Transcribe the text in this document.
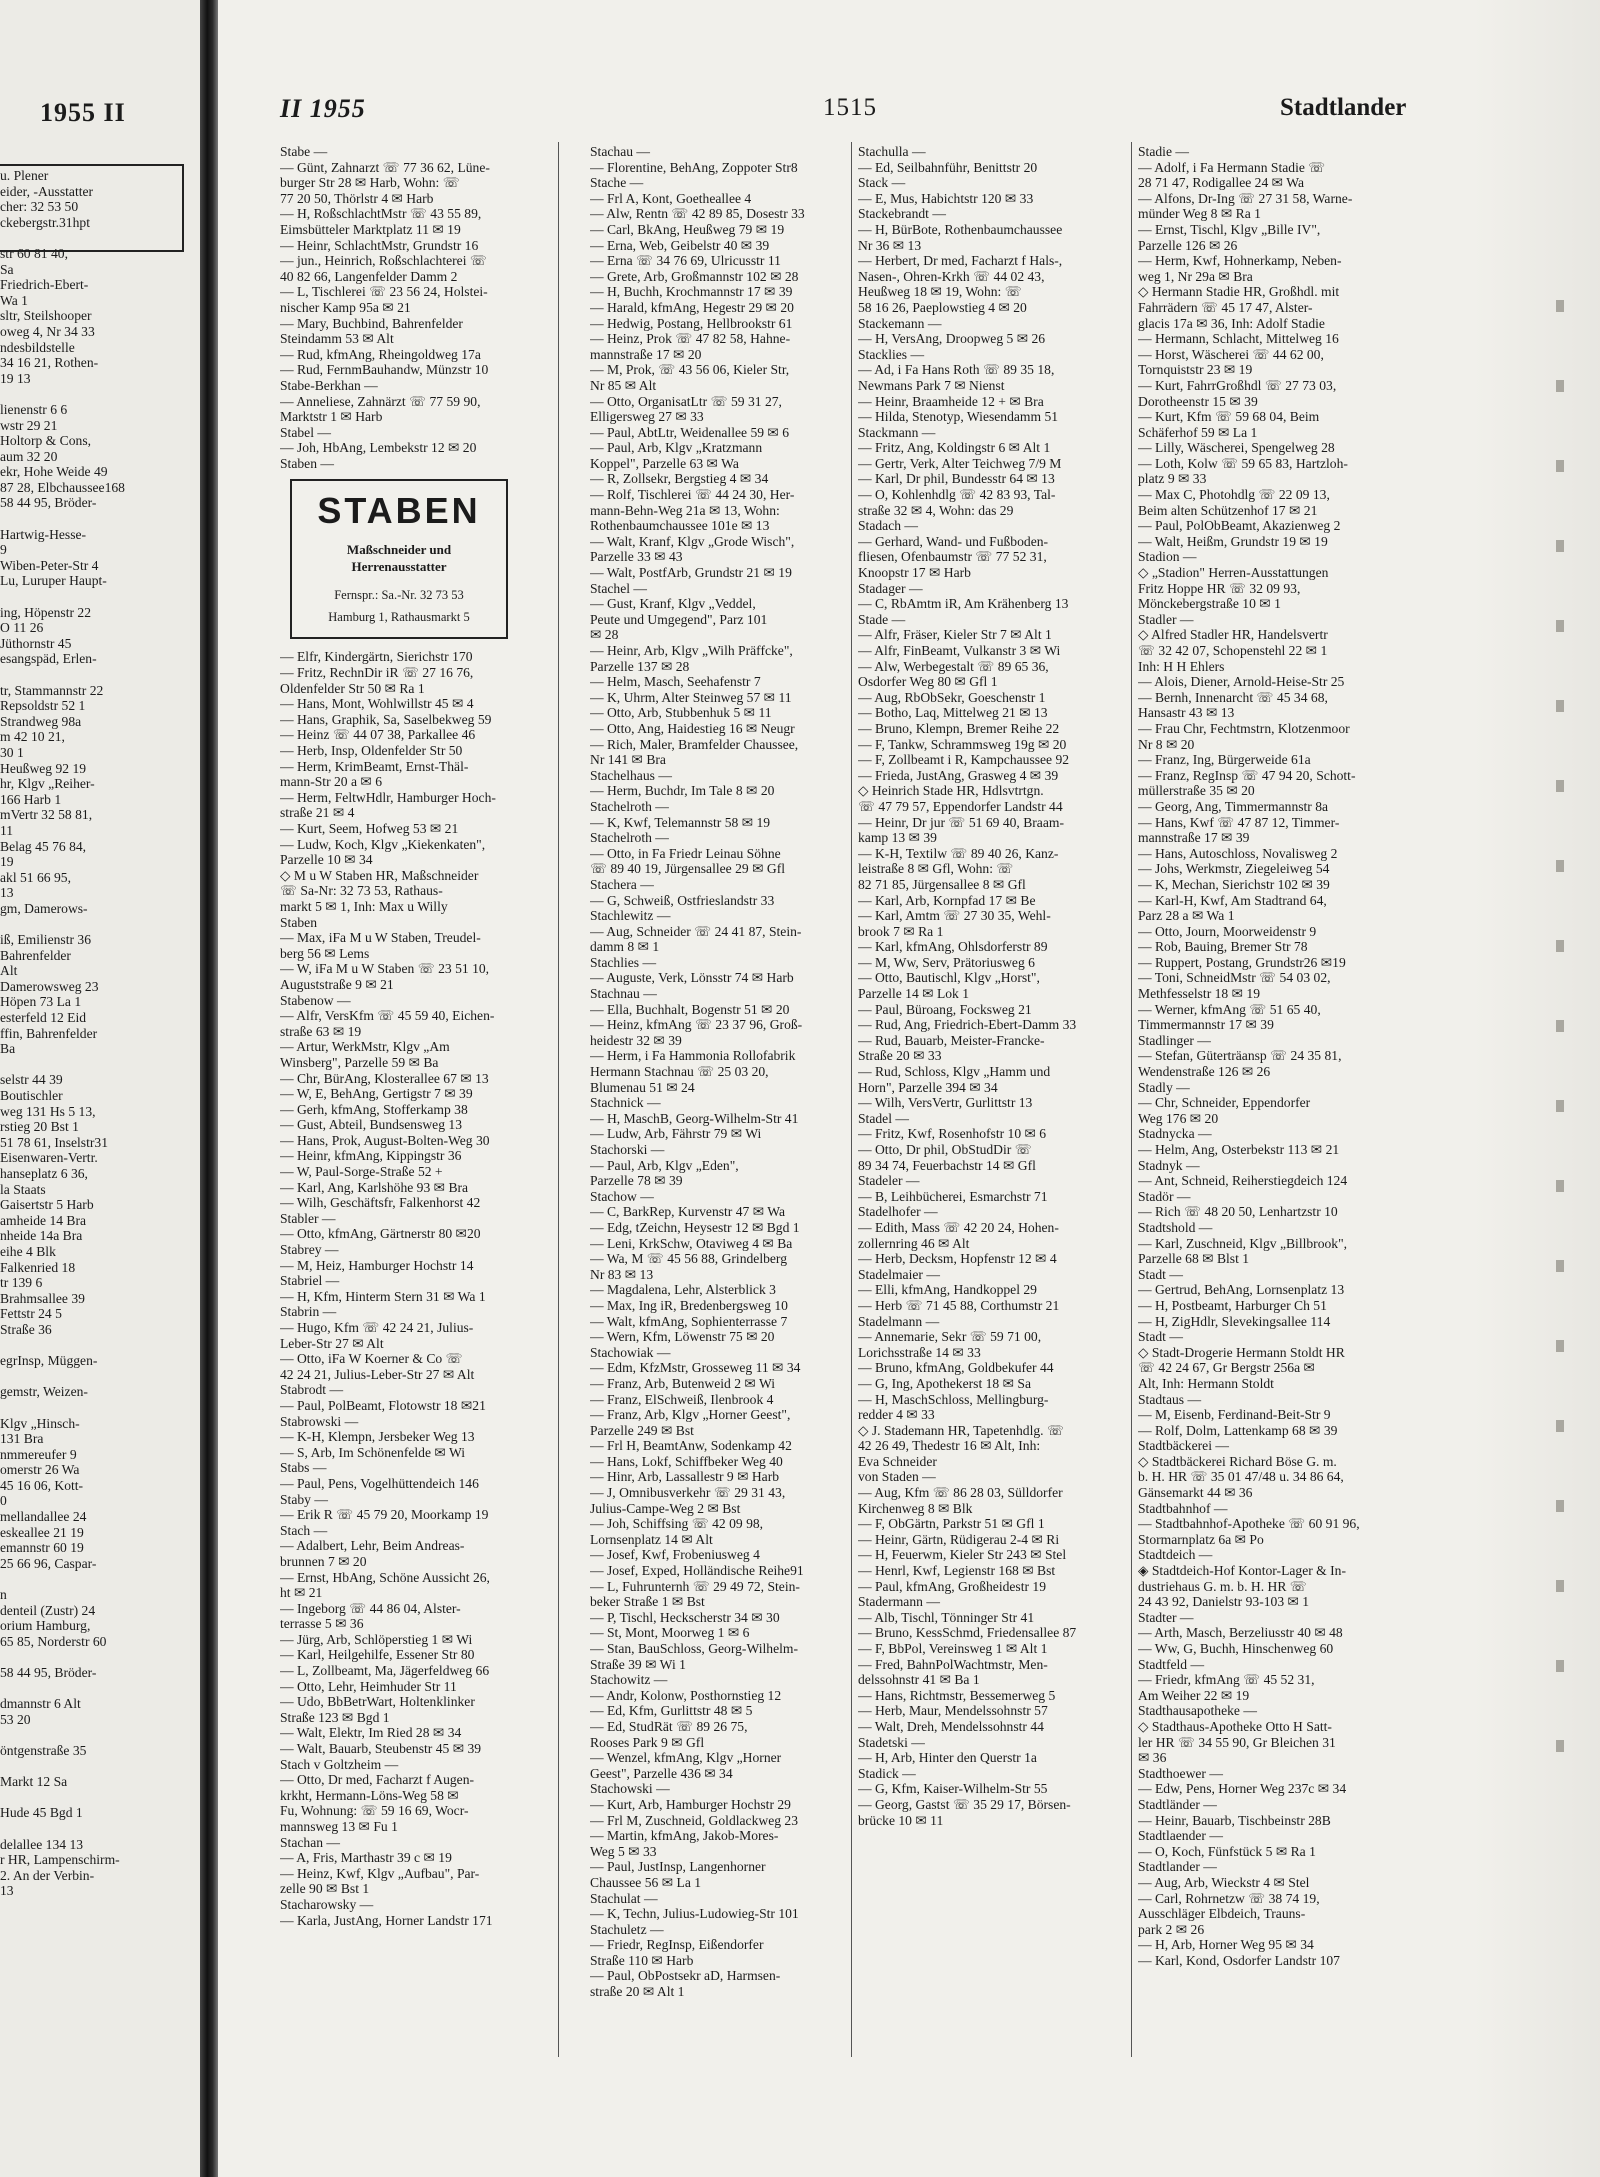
1955 II
u. Plener
eider, -Ausstatter
cher: 32 53 50
ckebergstr.31hpt

str 60 81 40,
Sa
Friedrich-Ebert-
Wa 1
sltr, Steilshooper
oweg 4, Nr 34 33
ndesbildstelle
34 16 21, Rothen-
19 13

lienenstr 6 6
wstr 29 21
Holtorp & Cons,
aum 32 20
ekr, Hohe Weide 49
87 28, Elbchaussee168
58 44 95, Bröder-

Hartwig-Hesse-
9
Wiben-Peter-Str 4
Lu, Luruper Haupt-

ing, Höpenstr 22
O 11 26
Jüthornstr 45
esangspäd, Erlen-

tr, Stammannstr 22
Repsoldstr 52 1
Strandweg 98a
m 42 10 21,
30 1
Heußweg 92 19
hr, Klgv „Reiher-
166 Harb 1
mVertr 32 58 81,
11
Belag 45 76 84,
19
akl 51 66 95,
13
gm, Damerows-

iß, Emilienstr 36
Bahrenfelder
Alt
Damerowsweg 23
Höpen 73 La 1
esterfeld 12 Eid
ffin, Bahrenfelder
Ba

selstr 44 39
Boutischler
weg 131 Hs 5 13,
rstieg 20 Bst 1
51 78 61, Inselstr31
Eisenwaren-Vertr.
hanseplatz 6 36,
la Staats
Gaisertstr 5 Harb
amheide 14 Bra
nheide 14a Bra
eihe 4 Blk
Falkenried 18
tr 139 6
Brahmsallee 39
Fettstr 24 5
Straße 36

egrInsp, Müggen-

gemstr, Weizen-

Klgv „Hinsch-
131 Bra
nmmereufer 9
omerstr 26 Wa
45 16 06, Kott-
0
mellandallee 24
eskeallee 21 19
emannstr 60 19
25 66 96, Caspar-

n
denteil (Zustr) 24
orium Hamburg,
65 85, Norderstr 60

58 44 95, Bröder-

dmannstr 6 Alt
53 20

öntgenstraße 35

Markt 12 Sa

Hude 45 Bgd 1

delallee 134 13
r HR, Lampenschirm-
2. An der Verbin-
13
II 1955	1515	Stadtlander
Stabe —
— Günt, Zahnarzt ☏ 77 36 62, Lüne-
burger Str 28 ✉ Harb, Wohn: ☏
77 20 50, Thörlstr 4 ✉ Harb
— H, RoßschlachtMstr ☏ 43 55 89,
Eimsbütteler Marktplatz 11 ✉ 19
— Heinr, SchlachtMstr, Grundstr 16
— jun., Heinrich, Roßschlachterei ☏
40 82 66, Langenfelder Damm 2
— L, Tischlerei ☏ 23 56 24, Holstei-
nischer Kamp 95a ✉ 21
— Mary, Buchbind, Bahrenfelder
Steindamm 53 ✉ Alt
— Rud, kfmAng, Rheingoldweg 17a
— Rud, FernmBauhandw, Münzstr 10
Stabe-Berkhan —
— Anneliese, Zahnärzt ☏ 77 59 90,
Marktstr 1 ✉ Harb
Stabel —
— Joh, HbAng, Lembekstr 12 ✉ 20
Staben —
STABEN
Maßschneider und
Herrenausstatter
Fernspr.: Sa.-Nr. 32 73 53
Hamburg 1, Rathausmarkt 5
— Elfr, Kindergärtn, Sierichstr 170
— Fritz, RechnDir iR ☏ 27 16 76,
Oldenfelder Str 50 ✉ Ra 1
— Hans, Mont, Wohlwillstr 45 ✉ 4
— Hans, Graphik, Sa, Saselbekweg 59
— Heinz ☏ 44 07 38, Parkallee 46
— Herb, Insp, Oldenfelder Str 50
— Herm, KrimBeamt, Ernst-Thäl-
mann-Str 20 a ✉ 6
— Herm, FeltwHdlr, Hamburger Hoch-
straße 21 ✉ 4
— Kurt, Seem, Hofweg 53 ✉ 21
— Ludw, Koch, Klgv „Kiekenkaten",
Parzelle 10 ✉ 34
◇ M u W Staben HR, Maßschneider
☏ Sa-Nr: 32 73 53, Rathaus-
markt 5 ✉ 1, Inh: Max u Willy
Staben
— Max, iFa M u W Staben, Treudel-
berg 56 ✉ Lems
— W, iFa M u W Staben ☏ 23 51 10,
Auguststraße 9 ✉ 21
Stabenow —
— Alfr, VersKfm ☏ 45 59 40, Eichen-
straße 63 ✉ 19
— Artur, WerkMstr, Klgv „Am
Winsberg", Parzelle 59 ✉ Ba
— Chr, BürAng, Klosterallee 67 ✉ 13
— W, E, BehAng, Gertigstr 7 ✉ 39
— Gerh, kfmAng, Stofferkamp 38
— Gust, Abteil, Bundsensweg 13
— Hans, Prok, August-Bolten-Weg 30
— Heinr, kfmAng, Kippingstr 36
— W, Paul-Sorge-Straße 52 +
— Karl, Ang, Karlshöhe 93 ✉ Bra
— Wilh, Geschäftsfr, Falkenhorst 42
Stabler —
— Otto, kfmAng, Gärtnerstr 80 ✉20
Stabrey —
— M, Heiz, Hamburger Hochstr 14
Stabriel —
— H, Kfm, Hinterm Stern 31 ✉ Wa 1
Stabrin —
— Hugo, Kfm ☏ 42 24 21, Julius-
Leber-Str 27 ✉ Alt
— Otto, iFa W Koerner & Co ☏
42 24 21, Julius-Leber-Str 27 ✉ Alt
Stabrodt —
— Paul, PolBeamt, Flotowstr 18 ✉21
Stabrowski —
— K-H, Klempn, Jersbeker Weg 13
— S, Arb, Im Schönenfelde ✉ Wi
Stabs —
— Paul, Pens, Vogelhüttendeich 146
Staby —
— Erik R ☏ 45 79 20, Moorkamp 19
Stach —
— Adalbert, Lehr, Beim Andreas-
brunnen 7 ✉ 20
— Ernst, HbAng, Schöne Aussicht 26,
ht ✉ 21
— Ingeborg ☏ 44 86 04, Alster-
terrasse 5 ✉ 36
— Jürg, Arb, Schlöperstieg 1 ✉ Wi
— Karl, Heilgehilfe, Essener Str 80
— L, Zollbeamt, Ma, Jägerfeldweg 66
— Otto, Lehr, Heimhuder Str 11
— Udo, BbBetrWart, Holtenklinker
Straße 123 ✉ Bgd 1
— Walt, Elektr, Im Ried 28 ✉ 34
— Walt, Bauarb, Steubenstr 45 ✉ 39
Stach v Goltzheim —
— Otto, Dr med, Facharzt f Augen-
krkht, Hermann-Löns-Weg 58 ✉
Fu, Wohnung: ☏ 59 16 69, Wocr-
mannsweg 13 ✉ Fu 1
Stachan —
— A, Fris, Marthastr 39 c ✉ 19
— Heinz, Kwf, Klgv „Aufbau", Par-
zelle 90 ✉ Bst 1
Stacharowsky —
— Karla, JustAng, Horner Landstr 171
Stachau —
— Florentine, BehAng, Zoppoter Str8
Stache —
— Frl A, Kont, Goetheallee 4
— Alw, Rentn ☏ 42 89 85, Dosestr 33
— Carl, BkAng, Heußweg 79 ✉ 19
— Erna, Web, Geibelstr 40 ✉ 39
— Erna ☏ 34 76 69, Ulricusstr 11
— Grete, Arb, Großmannstr 102 ✉ 28
— H, Buchh, Krochmannstr 17 ✉ 39
— Harald, kfmAng, Hegestr 29 ✉ 20
— Hedwig, Postang, Hellbrookstr 61
— Heinz, Prok ☏ 47 82 58, Hahne-
mannstraße 17 ✉ 20
— M, Prok, ☏ 43 56 06, Kieler Str,
Nr 85 ✉ Alt
— Otto, OrganisatLtr ☏ 59 31 27,
Elligersweg 27 ✉ 33
— Paul, AbtLtr, Weidenallee 59 ✉ 6
— Paul, Arb, Klgv „Kratzmann
Koppel", Parzelle 63 ✉ Wa
— R, Zollsekr, Bergstieg 4 ✉ 34
— Rolf, Tischlerei ☏ 44 24 30, Her-
mann-Behn-Weg 21a ✉ 13, Wohn:
Rothenbaumchaussee 101e ✉ 13
— Walt, Kranf, Klgv „Grode Wisch",
Parzelle 33 ✉ 43
— Walt, PostfArb, Grundstr 21 ✉ 19
Stachel —
— Gust, Kranf, Klgv „Veddel,
Peute und Umgegend", Parz 101
✉ 28
— Heinr, Arb, Klgv „Wilh Präffcke",
Parzelle 137 ✉ 28
— Helm, Masch, Seehafenstr 7
— K, Uhrm, Alter Steinweg 57 ✉ 11
— Otto, Arb, Stubbenhuk 5 ✉ 11
— Otto, Ang, Haidestieg 16 ✉ Neugr
— Rich, Maler, Bramfelder Chaussee,
Nr 141 ✉ Bra
Stachelhaus —
— Herm, Buchdr, Im Tale 8 ✉ 20
Stachelroth —
— K, Kwf, Telemannstr 58 ✉ 19
Stachelroth —
— Otto, in Fa Friedr Leinau Söhne
☏ 89 40 19, Jürgensallee 29 ✉ Gfl
Stachera —
— G, Schweiß, Ostfrieslandstr 33
Stachlewitz —
— Aug, Schneider ☏ 24 41 87, Stein-
damm 8 ✉ 1
Stachlies —
— Auguste, Verk, Lönsstr 74 ✉ Harb
Stachnau —
— Ella, Buchhalt, Bogenstr 51 ✉ 20
— Heinz, kfmAng ☏ 23 37 96, Groß-
heidestr 32 ✉ 39
— Herm, i Fa Hammonia Rollofabrik
Hermann Stachnau ☏ 25 03 20,
Blumenau 51 ✉ 24
Stachnick —
— H, MaschB, Georg-Wilhelm-Str 41
— Ludw, Arb, Fährstr 79 ✉ Wi
Stachorski —
— Paul, Arb, Klgv „Eden",
Parzelle 78 ✉ 39
Stachow —
— C, BarkRep, Kurvenstr 47 ✉ Wa
— Edg, tZeichn, Heysestr 12 ✉ Bgd 1
— Leni, KrkSchw, Otaviweg 4 ✉ Ba
— Wa, M ☏ 45 56 88, Grindelberg
Nr 83 ✉ 13
— Magdalena, Lehr, Alsterblick 3
— Max, Ing iR, Bredenbergsweg 10
— Walt, kfmAng, Sophienterrasse 7
— Wern, Kfm, Löwenstr 75 ✉ 20
Stachowiak —
— Edm, KfzMstr, Grosseweg 11 ✉ 34
— Franz, Arb, Butenweid 2 ✉ Wi
— Franz, ElSchweiß, Ilenbrook 4
— Franz, Arb, Klgv „Horner Geest",
Parzelle 249 ✉ Bst
— Frl H, BeamtAnw, Sodenkamp 42
— Hans, Lokf, Schiffbeker Weg 40
— Hinr, Arb, Lassallestr 9 ✉ Harb
— J, Omnibusverkehr ☏ 29 31 43,
Julius-Campe-Weg 2 ✉ Bst
— Joh, Schiffsing ☏ 42 09 98,
Lornsenplatz 14 ✉ Alt
— Josef, Kwf, Frobeniusweg 4
— Josef, Exped, Holländische Reihe91
— L, Fuhrunternh ☏ 29 49 72, Stein-
beker Straße 1 ✉ Bst
— P, Tischl, Heckscherstr 34 ✉ 30
— St, Mont, Moorweg 1 ✉ 6
— Stan, BauSchloss, Georg-Wilhelm-
Straße 39 ✉ Wi 1
Stachowitz —
— Andr, Kolonw, Posthornstieg 12
— Ed, Kfm, Gurlittstr 48 ✉ 5
— Ed, StudRät ☏ 89 26 75,
Rooses Park 9 ✉ Gfl
— Wenzel, kfmAng, Klgv „Horner
Geest", Parzelle 436 ✉ 34
Stachowski —
— Kurt, Arb, Hamburger Hochstr 29
— Frl M, Zuschneid, Goldlackweg 23
— Martin, kfmAng, Jakob-Mores-
Weg 5 ✉ 33
— Paul, JustInsp, Langenhorner
Chaussee 56 ✉ La 1
Stachulat —
— K, Techn, Julius-Ludowieg-Str 101
Stachuletz —
— Friedr, RegInsp, Eißendorfer
Straße 110 ✉ Harb
— Paul, ObPostsekr aD, Harmsen-
straße 20 ✉ Alt 1
Stachulla —
— Ed, Seilbahnführ, Benittstr 20
Stack —
— E, Mus, Habichtstr 120 ✉ 33
Stackebrandt —
— H, BürBote, Rothenbaumchaussee
Nr 36 ✉ 13
— Herbert, Dr med, Facharzt f Hals-,
Nasen-, Ohren-Krkh ☏ 44 02 43,
Heußweg 18 ✉ 19, Wohn: ☏
58 16 26, Paeplowstieg 4 ✉ 20
Stackemann —
— H, VersAng, Droopweg 5 ✉ 26
Stacklies —
— Ad, i Fa Hans Roth ☏ 89 35 18,
Newmans Park 7 ✉ Nienst
— Heinr, Braamheide 12 + ✉ Bra
— Hilda, Stenotyp, Wiesendamm 51
Stackmann —
— Fritz, Ang, Koldingstr 6 ✉ Alt 1
— Gertr, Verk, Alter Teichweg 7/9 M
— Karl, Dr phil, Bundesstr 64 ✉ 13
— O, Kohlenhdlg ☏ 42 83 93, Tal-
straße 32 ✉ 4, Wohn: das 29
Stadach —
— Gerhard, Wand- und Fußboden-
fliesen, Ofenbaumstr ☏ 77 52 31,
Knoopstr 17 ✉ Harb
Stadager —
— C, RbAmtm iR, Am Krähenberg 13
Stade —
— Alfr, Fräser, Kieler Str 7 ✉ Alt 1
— Alfr, FinBeamt, Vulkanstr 3 ✉ Wi
— Alw, Werbegestalt ☏ 89 65 36,
Osdorfer Weg 80 ✉ Gfl 1
— Aug, RbObSekr, Goeschenstr 1
— Botho, Laq, Mittelweg 21 ✉ 13
— Bruno, Klempn, Bremer Reihe 22
— F, Tankw, Schrammsweg 19g ✉ 20
— F, Zollbeamt i R, Kampchaussee 92
— Frieda, JustAng, Grasweg 4 ✉ 39
◇ Heinrich Stade HR, Hdlsvtrtgn.
☏ 47 79 57, Eppendorfer Landstr 44
— Heinr, Dr jur ☏ 51 69 40, Braam-
kamp 13 ✉ 39
— K-H, Textilw ☏ 89 40 26, Kanz-
leistraße 8 ✉ Gfl, Wohn: ☏
82 71 85, Jürgensallee 8 ✉ Gfl
— Karl, Arb, Kornpfad 17 ✉ Be
— Karl, Amtm ☏ 27 30 35, Wehl-
brook 7 ✉ Ra 1
— Karl, kfmAng, Ohlsdorferstr 89
— M, Ww, Serv, Prätoriusweg 6
— Otto, Bautischl, Klgv „Horst",
Parzelle 14 ✉ Lok 1
— Paul, Büroang, Focksweg 21
— Rud, Ang, Friedrich-Ebert-Damm 33
— Rud, Bauarb, Meister-Francke-
Straße 20 ✉ 33
— Rud, Schloss, Klgv „Hamm und
Horn", Parzelle 394 ✉ 34
— Wilh, VersVertr, Gurlittstr 13
Stadel —
— Fritz, Kwf, Rosenhofstr 10 ✉ 6
— Otto, Dr phil, ObStudDir ☏
89 34 74, Feuerbachstr 14 ✉ Gfl
Stadeler —
— B, Leihbücherei, Esmarchstr 71
Stadelhofer —
— Edith, Mass ☏ 42 20 24, Hohen-
zollernring 46 ✉ Alt
— Herb, Decksm, Hopfenstr 12 ✉ 4
Stadelmaier —
— Elli, kfmAng, Handkoppel 29
— Herb ☏ 71 45 88, Corthumstr 21
Stadelmann —
— Annemarie, Sekr ☏ 59 71 00,
Lorichsstraße 14 ✉ 33
— Bruno, kfmAng, Goldbekufer 44
— G, Ing, Apothekerst 18 ✉ Sa
— H, MaschSchloss, Mellingburg-
redder 4 ✉ 33
◇ J. Stademann HR, Tapetenhdlg. ☏
42 26 49, Thedestr 16 ✉ Alt, Inh:
Eva Schneider
von Staden —
— Aug, Kfm ☏ 86 28 03, Sülldorfer
Kirchenweg 8 ✉ Blk
— F, ObGärtn, Parkstr 51 ✉ Gfl 1
— Heinr, Gärtn, Rüdigerau 2-4 ✉ Ri
— H, Feuerwm, Kieler Str 243 ✉ Stel
— Henrl, Kwf, Legienstr 168 ✉ Bst
— Paul, kfmAng, Großheidestr 19
Stadermann —
— Alb, Tischl, Tönninger Str 41
— Bruno, KessSchmd, Friedensallee 87
— F, BbPol, Vereinsweg 1 ✉ Alt 1
— Fred, BahnPolWachtmstr, Men-
delssohnstr 41 ✉ Ba 1
— Hans, Richtmstr, Bessemerweg 5
— Herb, Maur, Mendelssohnstr 57
— Walt, Dreh, Mendelssohnstr 44
Stadetski —
— H, Arb, Hinter den Querstr 1a
Stadick —
— G, Kfm, Kaiser-Wilhelm-Str 55
— Georg, Gastst ☏ 35 29 17, Börsen-
brücke 10 ✉ 11
Stadie —
— Adolf, i Fa Hermann Stadie ☏
28 71 47, Rodigallee 24 ✉ Wa
— Alfons, Dr-Ing ☏ 27 31 58, Warne-
münder Weg 8 ✉ Ra 1
— Ernst, Tischl, Klgv „Bille IV",
Parzelle 126 ✉ 26
— Herm, Kwf, Hohnerkamp, Neben-
weg 1, Nr 29a ✉ Bra
◇ Hermann Stadie HR, Großhdl. mit
Fahrrädern ☏ 45 17 47, Alster-
glacis 17a ✉ 36, Inh: Adolf Stadie
— Hermann, Schlacht, Mittelweg 16
— Horst, Wäscherei ☏ 44 62 00,
Tornquiststr 23 ✉ 19
— Kurt, FahrrGroßhdl ☏ 27 73 03,
Dorotheenstr 15 ✉ 39
— Kurt, Kfm ☏ 59 68 04, Beim
Schäferhof 59 ✉ La 1
— Lilly, Wäscherei, Spengelweg 28
— Loth, Kolw ☏ 59 65 83, Hartzloh-
platz 9 ✉ 33
— Max C, Photohdlg ☏ 22 09 13,
Beim alten Schützenhof 17 ✉ 21
— Paul, PolObBeamt, Akazienweg 2
— Walt, Heißm, Grundstr 19 ✉ 19
Stadion —
◇ „Stadion" Herren-Ausstattungen
Fritz Hoppe HR ☏ 32 09 93,
Mönckebergstraße 10 ✉ 1
Stadler —
◇ Alfred Stadler HR, Handelsvertr
☏ 32 42 07, Schopenstehl 22 ✉ 1
Inh: H H Ehlers
— Alois, Diener, Arnold-Heise-Str 25
— Bernh, Innenarcht ☏ 45 34 68,
Hansastr 43 ✉ 13
— Frau Chr, Fechtmstrn, Klotzenmoor
Nr 8 ✉ 20
— Franz, Ing, Bürgerweide 61a
— Franz, RegInsp ☏ 47 94 20, Schott-
müllerstraße 35 ✉ 20
— Georg, Ang, Timmermannstr 8a
— Hans, Kwf ☏ 47 87 12, Timmer-
mannstraße 17 ✉ 39
— Hans, Autoschloss, Novalisweg 2
— Johs, Werkmstr, Ziegeleiweg 54
— K, Mechan, Sierichstr 102 ✉ 39
— Karl-H, Kwf, Am Stadtrand 64,
Parz 28 a ✉ Wa 1
— Otto, Journ, Moorweidenstr 9
— Rob, Bauing, Bremer Str 78
— Ruppert, Postang, Grundstr26 ✉19
— Toni, SchneidMstr ☏ 54 03 02,
Methfesselstr 18 ✉ 19
— Werner, kfmAng ☏ 51 65 40,
Timmermannstr 17 ✉ 39
Stadlinger —
— Stefan, Güterträansp ☏ 24 35 81,
Wendenstraße 126 ✉ 26
Stadly —
— Chr, Schneider, Eppendorfer
Weg 176 ✉ 20
Stadnycka —
— Helm, Ang, Osterbekstr 113 ✉ 21
Stadnyk —
— Ant, Schneid, Reiherstiegdeich 124
Stadör —
— Rich ☏ 48 20 50, Lenhartzstr 10
Stadtshold —
— Karl, Zuschneid, Klgv „Billbrook",
Parzelle 68 ✉ Blst 1
Stadt —
— Gertrud, BehAng, Lornsenplatz 13
— H, Postbeamt, Harburger Ch 51
— H, ZigHdlr, Slevekingsallee 114
Stadt —
◇ Stadt-Drogerie Hermann Stoldt HR
☏ 42 24 67, Gr Bergstr 256a ✉
Alt, Inh: Hermann Stoldt
Stadtaus —
— M, Eisenb, Ferdinand-Beit-Str 9
— Rolf, Dolm, Lattenkamp 68 ✉ 39
Stadtbäckerei —
◇ Stadtbäckerei Richard Böse G. m.
b. H. HR ☏ 35 01 47/48 u. 34 86 64,
Gänsemarkt 44 ✉ 36
Stadtbahnhof —
— Stadtbahnhof-Apotheke ☏ 60 91 96,
Stormarnplatz 6a ✉ Po
Stadtdeich —
◈ Stadtdeich-Hof Kontor-Lager & In-
dustriehaus G. m. b. H. HR ☏
24 43 92, Danielstr 93-103 ✉ 1
Stadter —
— Arth, Masch, Berzeliusstr 40 ✉ 48
— Ww, G, Buchh, Hinschenweg 60
Stadtfeld —
— Friedr, kfmAng ☏ 45 52 31,
Am Weiher 22 ✉ 19
Stadthausapotheke —
◇ Stadthaus-Apotheke Otto H Satt-
ler HR ☏ 34 55 90, Gr Bleichen 31
✉ 36
Stadthoewer —
— Edw, Pens, Horner Weg 237c ✉ 34
Stadtländer —
— Heinr, Bauarb, Tischbeinstr 28B
Stadtlaender —
— O, Koch, Fünfstück 5 ✉ Ra 1
Stadtlander —
— Aug, Arb, Wieckstr 4 ✉ Stel
— Carl, Rohrnetzw ☏ 38 74 19,
Ausschläger Elbdeich, Trauns-
park 2 ✉ 26
— H, Arb, Horner Weg 95 ✉ 34
— Karl, Kond, Osdorfer Landstr 107
